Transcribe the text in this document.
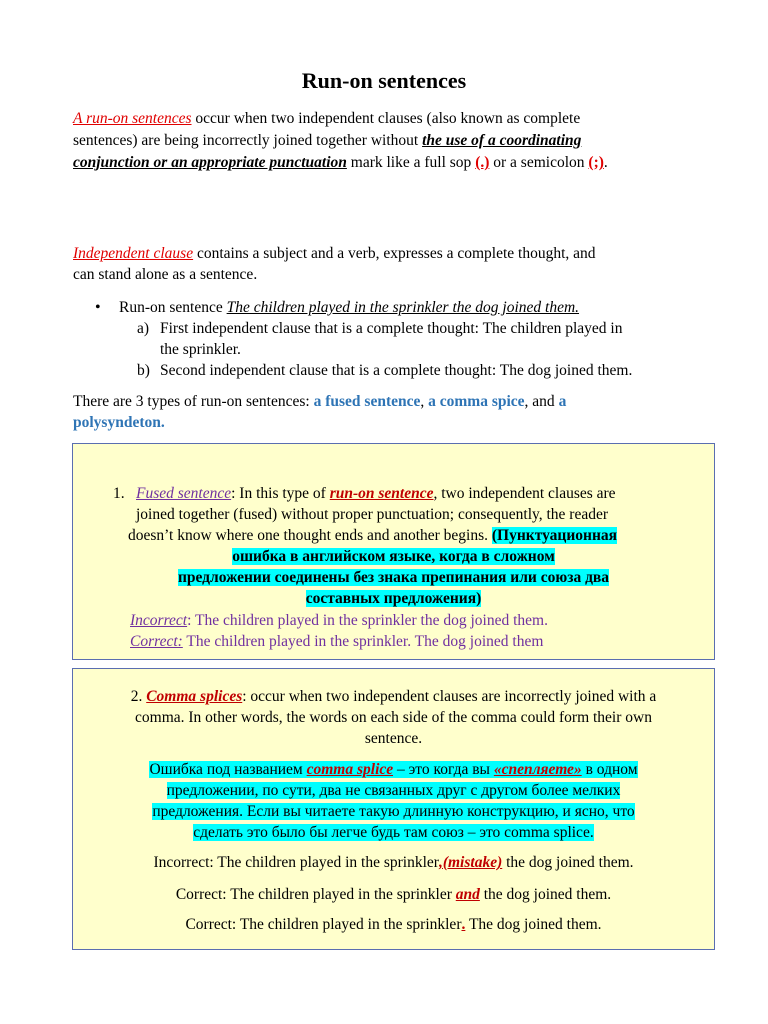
Run-on sentences
A run-on sentences occur when two independent clauses (also known as complete
sentences) are being incorrectly joined together without the use of a coordinating
conjunction or an appropriate punctuation mark like a full sop (.) or a semicolon (;).
Independent clause contains a subject and a verb, expresses a complete thought, and
can stand alone as a sentence.
• Run-on sentence The children played in the sprinkler the dog joined them.
a) First independent clause that is a complete thought: The children played in
the sprinkler.
b) Second independent clause that is a complete thought: The dog joined them.
There are 3 types of run-on sentences: a fused sentence, a comma spice, and a
polysyndeton.
1. Fused sentence: In this type of run-on sentence, two independent clauses are
joined together (fused) without proper punctuation; consequently, the reader
doesn’t know where one thought ends and another begins. (Пунктуационная
ошибка в английском языке, когда в сложном
предложении соединены без знака препинания или союза два
составных предложения)
Incorrect: The children played in the sprinkler the dog joined them.
Correct: The children played in the sprinkler. The dog joined them
2. Comma splices: occur when two independent clauses are incorrectly joined with a
comma. In other words, the words on each side of the comma could form their own
sentence.
Ошибка под названием comma splice – это когда вы «спепляете» в одном
предложении, по сути, два не связанных друг с другом более мелких
предложения. Если вы читаете такую длинную конструкцию, и ясно, что
сделать это было бы легче будь там союз – это comma splice.
Incorrect: The children played in the sprinkler,(mistake) the dog joined them.
Correct: The children played in the sprinkler and the dog joined them.
Correct: The children played in the sprinkler. The dog joined them.
